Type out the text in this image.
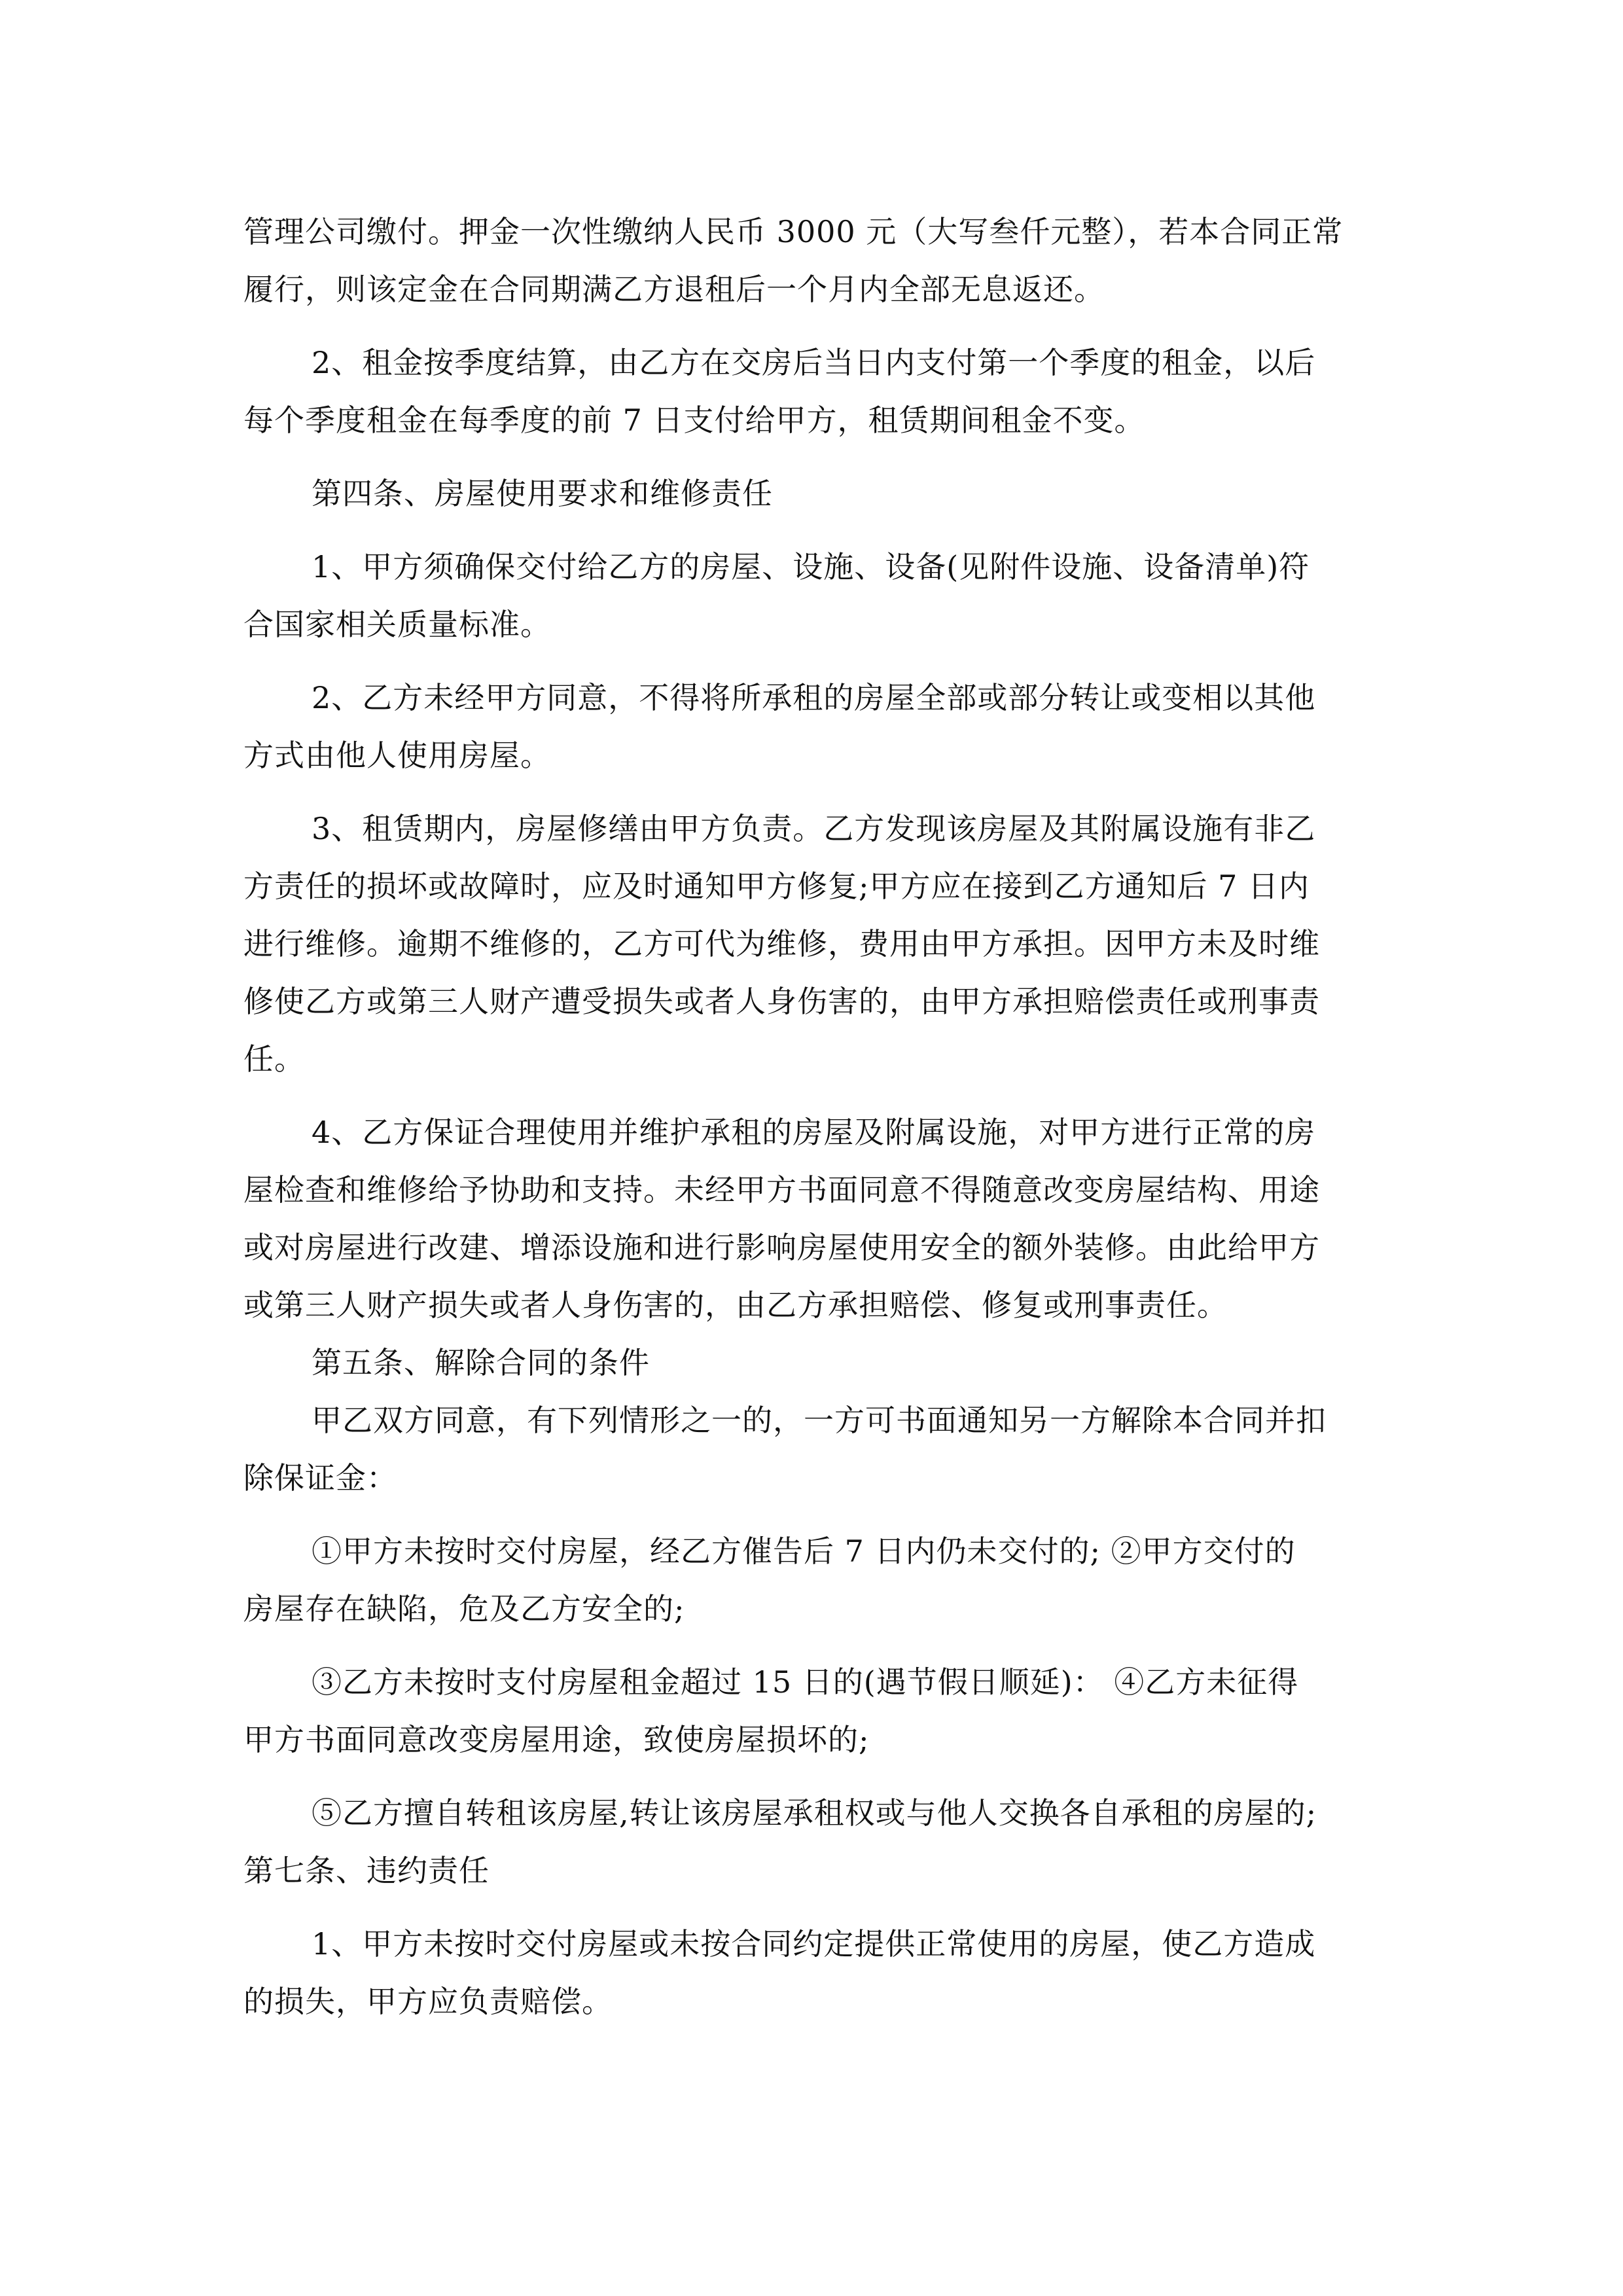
管理公司缴付。押金一次性缴纳人民币 3000 元（大写叁仟元整），若本合同正常
履行，则该定金在合同期满乙方退租后一个月内全部无息返还。
2、租金按季度结算，由乙方在交房后当日内支付第一个季度的租金，以后
每个季度租金在每季度的前 7 日支付给甲方，租赁期间租金不变。
第四条、房屋使用要求和维修责任
1、甲方须确保交付给乙方的房屋、设施、设备(见附件设施、设备清单)符
合国家相关质量标准。
2、乙方未经甲方同意，不得将所承租的房屋全部或部分转让或变相以其他
方式由他人使用房屋。
3、租赁期内，房屋修缮由甲方负责。乙方发现该房屋及其附属设施有非乙
方责任的损坏或故障时，应及时通知甲方修复;甲方应在接到乙方通知后 7 日内
进行维修。逾期不维修的，乙方可代为维修，费用由甲方承担。因甲方未及时维
修使乙方或第三人财产遭受损失或者人身伤害的，由甲方承担赔偿责任或刑事责
任。
4、乙方保证合理使用并维护承租的房屋及附属设施，对甲方进行正常的房
屋检查和维修给予协助和支持。未经甲方书面同意不得随意改变房屋结构、用途
或对房屋进行改建、增添设施和进行影响房屋使用安全的额外装修。由此给甲方
或第三人财产损失或者人身伤害的，由乙方承担赔偿、修复或刑事责任。
第五条、解除合同的条件
甲乙双方同意，有下列情形之一的，一方可书面通知另一方解除本合同并扣
除保证金：
①甲方未按时交付房屋，经乙方催告后 7 日内仍未交付的; ②甲方交付的
房屋存在缺陷，危及乙方安全的;
③乙方未按时支付房屋租金超过 15 日的(遇节假日顺延)： ④乙方未征得
甲方书面同意改变房屋用途，致使房屋损坏的;
⑤乙方擅自转租该房屋,转让该房屋承租权或与他人交换各自承租的房屋的;
第七条、违约责任
1、甲方未按时交付房屋或未按合同约定提供正常使用的房屋，使乙方造成
的损失，甲方应负责赔偿。
